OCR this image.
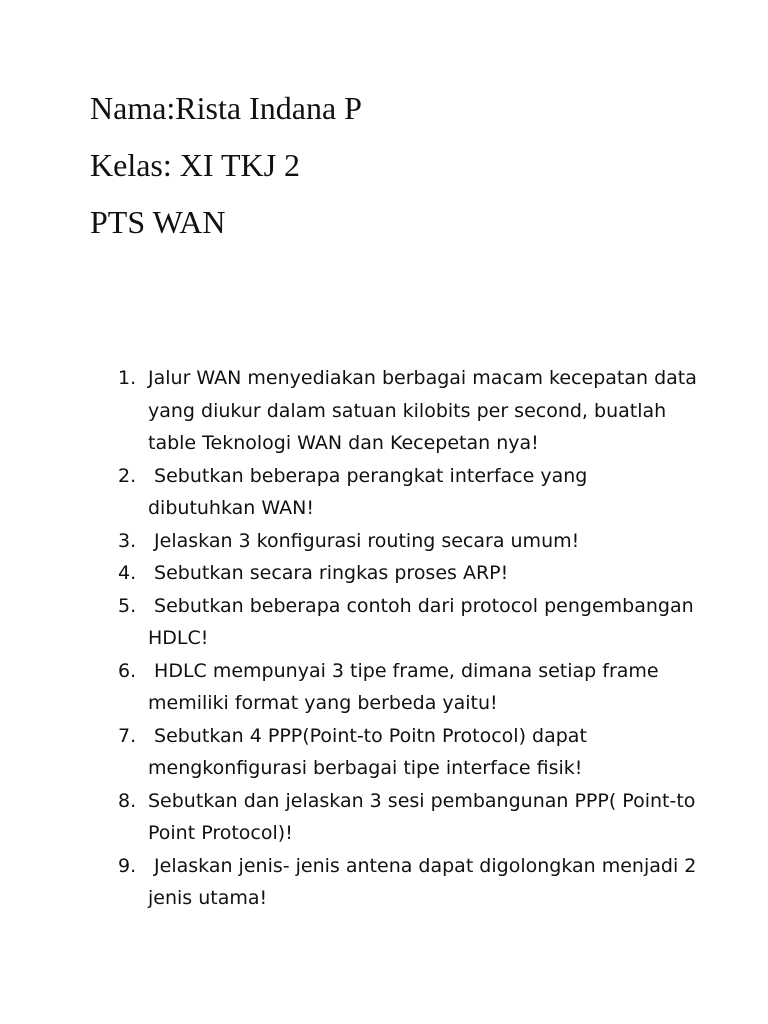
Nama:Rista Indana P
Kelas: XI TKJ 2
PTS WAN
1. Jalur WAN menyediakan berbagai macam kecepatan data yang diukur dalam satuan kilobits per second, buatlah table Teknologi WAN dan Kecepetan nya!
2. Sebutkan beberapa perangkat interface yang dibutuhkan WAN!
3. Jelaskan 3 konfigurasi routing secara umum!
4. Sebutkan secara ringkas proses ARP!
5. Sebutkan beberapa contoh dari protocol pengembangan HDLC!
6. HDLC mempunyai 3 tipe frame, dimana setiap frame memiliki format yang berbeda yaitu!
7. Sebutkan 4 PPP(Point-to Poitn Protocol) dapat mengkonfigurasi berbagai tipe interface fisik!
8. Sebutkan dan jelaskan 3 sesi pembangunan PPP( Point-to Point Protocol)!
9. Jelaskan jenis- jenis antena dapat digolongkan menjadi 2 jenis utama!
